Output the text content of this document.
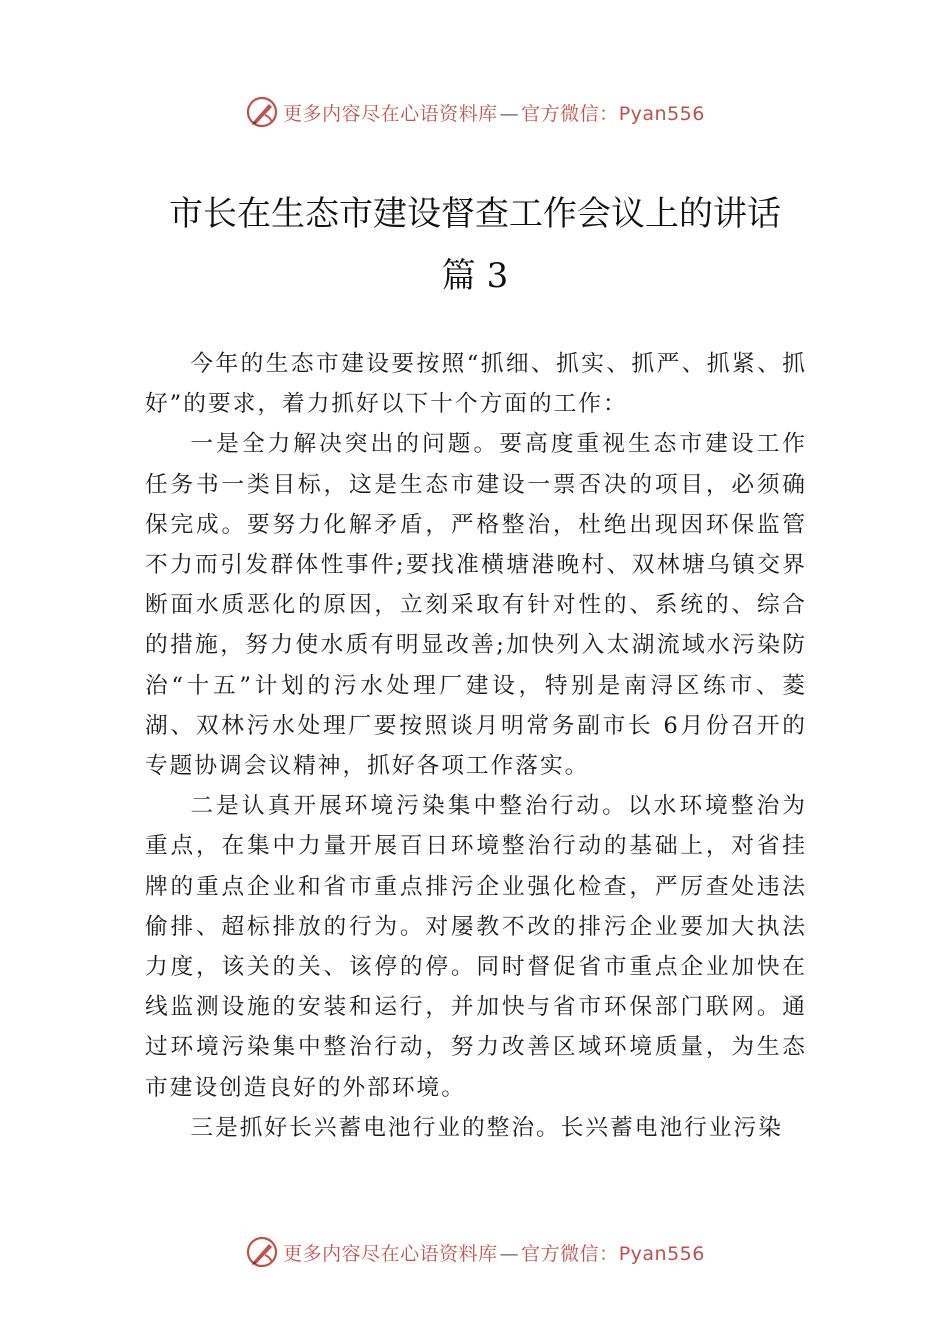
更多内容尽在心语资料库 — 官方微信：Pyan556
市长在生态市建设督查工作会议上的讲话
篇 3

今年的生态市建设要按照“抓细、抓实、抓严、抓紧、抓好”的要求，着力抓好以下十个方面的工作：

一是全力解决突出的问题。要高度重视生态市建设工作任务书一类目标，这是生态市建设一票否决的项目，必须确保完成。要努力化解矛盾，严格整治，杜绝出现因环保监管不力而引发群体性事件;要找准横塘港晚村、双林塘乌镇交界断面水质恶化的原因，立刻采取有针对性的、系统的、综合的措施，努力使水质有明显改善;加快列入太湖流域水污染防治“十五”计划的污水处理厂建设，特别是南浔区练市、菱湖、双林污水处理厂要按照谈月明常务副市长 6月份召开的专题协调会议精神，抓好各项工作落实。

二是认真开展环境污染集中整治行动。以水环境整治为重点，在集中力量开展百日环境整治行动的基础上，对省挂牌的重点企业和省市重点排污企业强化检查，严厉查处违法偷排、超标排放的行为。对屡教不改的排污企业要加大执法力度，该关的关、该停的停。同时督促省市重点企业加快在线监测设施的安装和运行，并加快与省市环保部门联网。通过环境污染集中整治行动，努力改善区域环境质量，为生态市建设创造良好的外部环境。

三是抓好长兴蓄电池行业的整治。长兴蓄电池行业污染

更多内容尽在心语资料库 — 官方微信：Pyan556
